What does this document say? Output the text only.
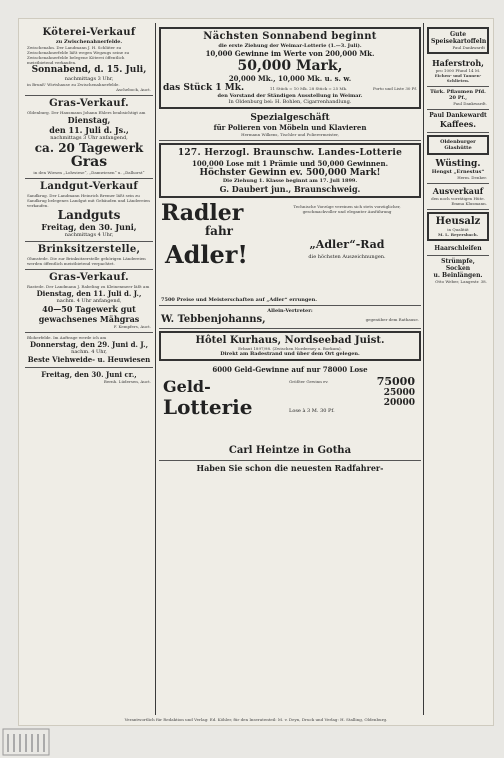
Köterei-Verkauf
zu Zwischenahnerfelde.
Zwischenahn. Der Landmann J. H. Schlüter zu Zwischenahnerfelde läßt wegen Wegzugs seine zu Zwischenahnerfelde belegene Köterei öffentlich meistbietend verkaufen.
Sonnabend, d. 15. Juli,
nachmittags 3 Uhr,
in Brunß' Wirtshause zu Zwischenahnerfelde.
Aschebock, Auct.
Gras-Verkauf.
Oldenburg. Der Hausmann Johann Ehlers beabsichtigt am
Dienstag,
den 11. Juli d. Js.,
nachmittags 3 Uhr anfangend,
ca. 20 Tagewerk
Gras
in den Wiesen „Lohwiese“, „Damwiesen“ u. „Dalhorst“
Landgut-Verkauf
Sandkrug. Der Landmann Heinrich Bremer läßt sein zu Sandkrug belegenes Landgut mit Gebäuden und Ländereien verkaufen.
Landguts
Freitag, den 30. Juni,
nachmittags 4 Uhr,
Brinksitzerstelle,
Ohmstede. Die zur Brinksitzerstelle gehörigen Ländereien werden öffentlich meistbietend verpachtet.
Gras-Verkauf.
Rastede. Der Landmann J. Rabeling zu Kleinenmeer läßt am
Dienstag, den 11. Juli d. J.,
nachm. 4 Uhr anfangend,
40—50 Tagewerk gut gewachsenes Mähgras
F. Kempfers, Auct.
Bloherfelde. Im Auftrage werde ich am
Donnerstag, den 29. Juni d. J.,
nachm. 4 Uhr,
Beste Viehweide- u. Heuwiesen
Freitag, den 30. Juni cr.,
Bernh. Lüdersen, Auct.
Nächsten Sonnabend beginnt
die erste Ziehung der Weimar-Lotterie (1.—3. Juli).
10,000 Gewinne im Werte von 200,000 Mk.
50,000 Mark,
20,000 Mk., 10,000 Mk. u. s. w.
das Stück 1 Mk.	11 Stück = 10 Mk. 28 Stück = 25 Mk.	Porto und Liste 30 Pf.
den Vorstand der Ständigen Ausstellung in Weimar.
In Oldenburg bei: H. Bohlen, Cigarrenhandlung.
Spezialgeschäft
für Polieren von Möbeln und Klavieren
Hermann Wilkens, Tischler und Polierermeister,
127. Herzogl. Braunschw. Landes-Lotterie
100,000 Lose mit 1 Prämie und 50,000 Gewinnen.
Höchster Gewinn ev. 500,000 Mark!
Die Ziehung 1. Klasse beginnt am 17. Juli 1899.
G. Daubert jun., Braunschweig.
Radler
fahr
Adler!
Technische Vorzüge vereinen sich stets vorzüglicher, geschmackvoller und eleganter Ausführung
„Adler“-Rad
die höchsten Auszeichnungen.
7500 Preise und Meisterschaften auf „Adler“ errungen.
Allein-Vertreter:
W. Tebbenjohanns,	gegenüber dem Rathause.
Hôtel Kurhaus, Nordseebad Juist.
Erbaut 1897/98. (Zwischen Norderney u. Borkum).
Direkt am Badestrand und über dem Ort gelegen.
6000 Geld-Gewinne auf nur 78000 Lose
Geld-
Lotterie
Größter Gewinn ev.	75000
25000
20000
Lose à 3 M. 30 Pf.
Carl Heintze in Gotha
Haben Sie schon die neuesten Radfahrer-
Gute Speisekartoffeln
Paul Dankwardt
Haferstroh,
pro 1000 Pfund 14 M.
Eichen- und Tannen-Schlieten.
Türk. Pflaumen Pfd. 20 Pf.,
Paul Dankwardt.
Paul Dankewardt
Kaffees.
Oldenburger Glashütte
Wüsting.
Hengst „Ernestus“
Herm. Denker.
Ausverkauf
den noch vorrätigen Hüte.
Emma Klusmann.
Heusalz
in Qualität
M. L. Reyersbach.
Haarschleifen
Strümpfe, Socken
u. Beinlängen.
Otto Weber, Langestr. 38.
Verantwortlich für Redaktion und Verlag: Ed. Köhler, für den Inseratenteil: M. v. Deyn, Druck und Verlag: H. Stalling, Oldenburg.
